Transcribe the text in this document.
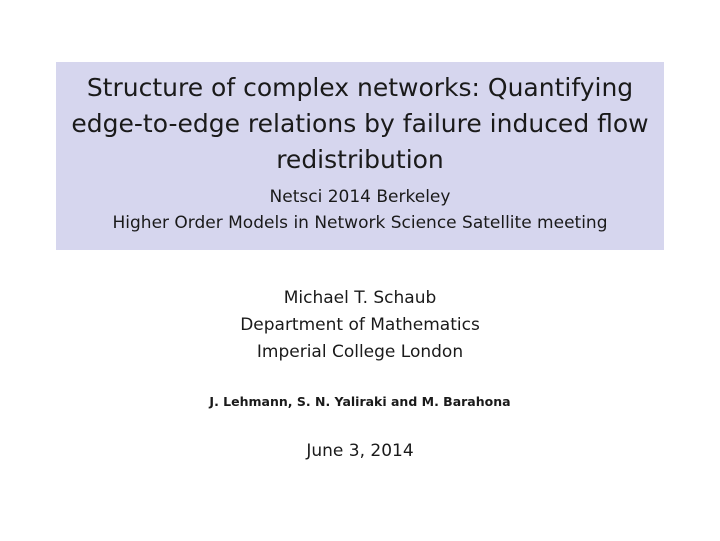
Structure of complex networks: Quantifying edge-to-edge relations by failure induced flow redistribution
Netsci 2014 Berkeley
Higher Order Models in Network Science Satellite meeting
Michael T. Schaub
Department of Mathematics
Imperial College London
J. Lehmann, S. N. Yaliraki and M. Barahona
June 3, 2014
